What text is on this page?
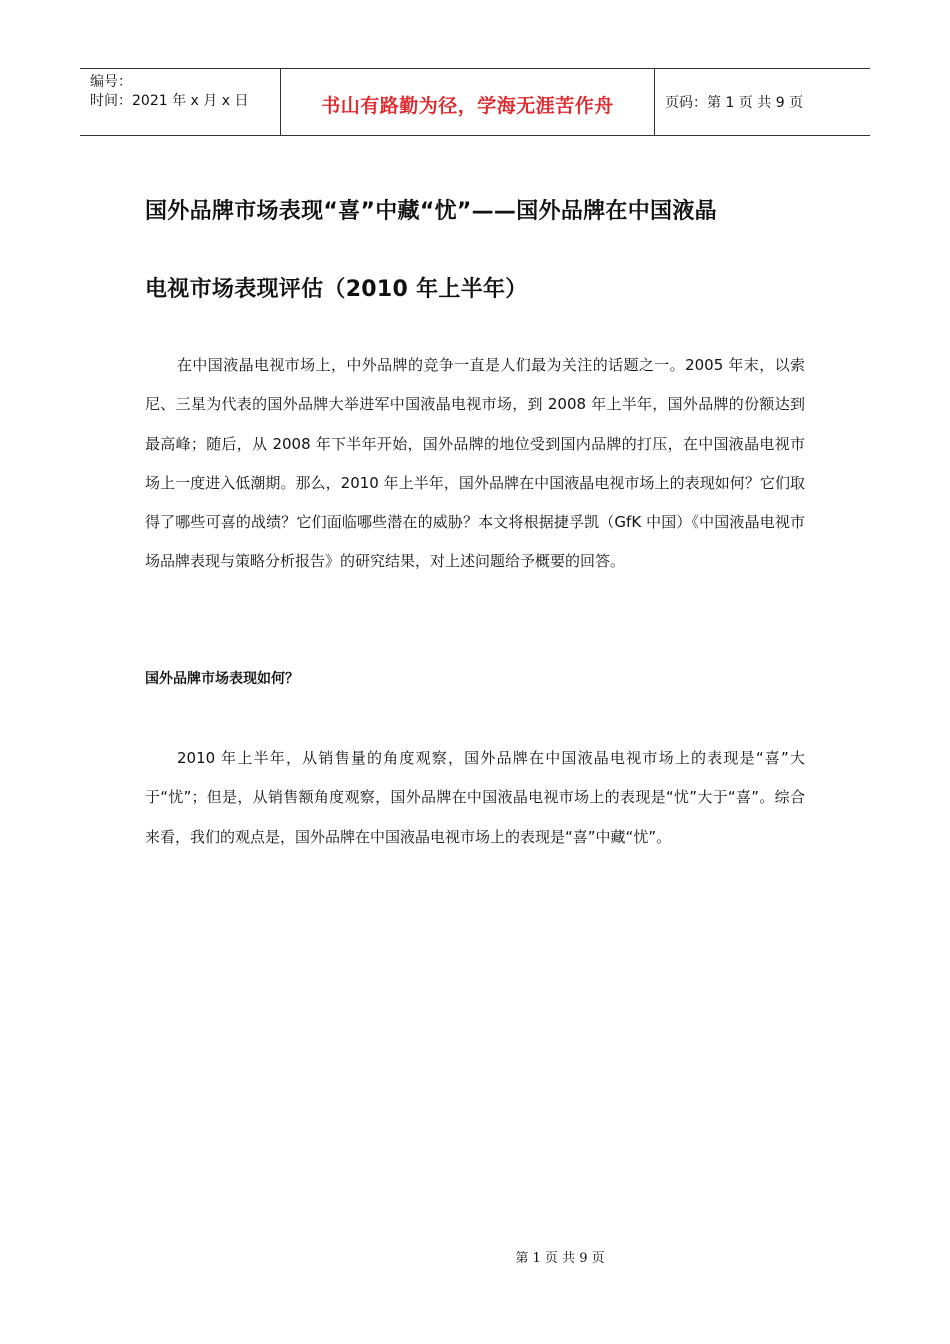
编号：
时间：2021 年 x 月 x 日	书山有路勤为径，学海无涯苦作舟	页码：第 1 页 共 9 页
国外品牌市场表现“喜”中藏“忧”——国外品牌在中国液晶
电视市场表现评估（2010 年上半年）

在中国液晶电视市场上，中外品牌的竞争一直是人们最为关注的话题之一。2005 年末，以索尼、三星为代表的国外品牌大举进军中国液晶电视市场，到 2008 年上半年，国外品牌的份额达到最高峰；随后，从 2008 年下半年开始，国外品牌的地位受到国内品牌的打压，在中国液晶电视市场上一度进入低潮期。那么，2010 年上半年，国外品牌在中国液晶电视市场上的表现如何？它们取得了哪些可喜的战绩？它们面临哪些潜在的威胁？本文将根据捷孚凯（GfK 中国）《中国液晶电视市场品牌表现与策略分析报告》的研究结果，对上述问题给予概要的回答。

国外品牌市场表现如何？

2010 年上半年，从销售量的角度观察，国外品牌在中国液晶电视市场上的表现是“喜”大于“忧”；但是，从销售额角度观察，国外品牌在中国液晶电视市场上的表现是“忧”大于“喜”。综合来看，我们的观点是，国外品牌在中国液晶电视市场上的表现是“喜”中藏“忧”。

第 1 页 共 9 页
